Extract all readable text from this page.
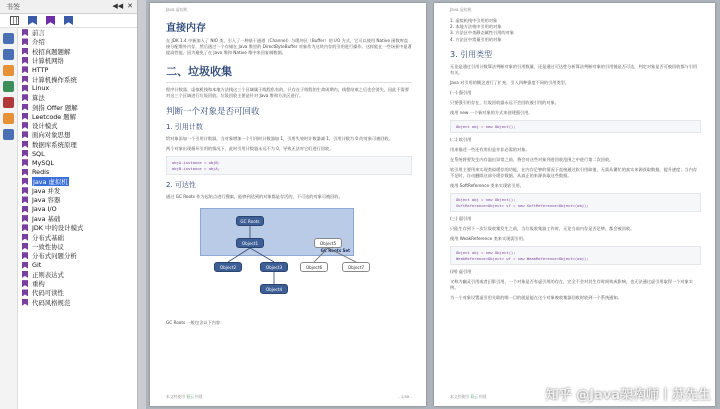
书签	◀◀ ✕
前言
介绍
校招真题题解
计算机网络
HTTP
计算机操作系统
Linux
算法
剑指 Offer 题解
Leetcode 题解
设计模式
面向对象思想
数据库系统原理
SQL
MySQL
Redis
Java 虚拟机
Java 并发
Java 容器
Java I/O
Java 基础
JDK 中的设计模式
分布式基础
一致性协议
分布式问题分析
Git
正则表达式
重构
代码可读性
代码风格规范
Java 虚拟机
直接内存
在 JDK 1.4 中新加入了 NIO 类，引入了一种基于通道（Channel）与缓冲区（Buffer）的 I/O 方式，它可以使用 Native 函数库直接分配堆外内存，然后通过一个存储在 Java 堆里的 DirectByteBuffer 对象作为这块内存的引用进行操作。这样能在一些场景中显著提高性能，因为避免了在 Java 堆和 Native 堆中来回复制数据。
二、垃圾收集
程序计数器、虚拟机栈和本地方法栈这三个区域属于线程私有的，只存在于线程的生命周期内，线程结束之后也会消失，因此不需要对这三个区域进行垃圾回收。垃圾回收主要是针对 Java 堆和方法区进行。
判断一个对象是否可回收
1. 引用计数
给对象添加一个引用计数器，当对象增加一个引用时计数器加 1，引用失效时计数器减 1。引用计数为 0 的对象可被回收。
两个对象出现循环引用的情况下，此时引用计数器永远不为 0，导致无法对它们进行回收。
objA.instance = objB;
objB.instance = objA;
2. 可达性
通过 GC Roots 作为起始点进行搜索，能够到达到的对象都是存活的，不可达的对象可被回收。
GC Roots Set
GC Roots
Object1
Object2	Object3
Object4
Object5
Object6	Object7
GC Roots 一般包含以下内容：
本文档使用 看云 构建	- 1/58 -
Java 虚拟机
1. 虚拟机栈中引用的对象
2. 本地方法栈中引用的对象
3. 方法区中类静态属性引用的对象
4. 方法区中常量引用的对象
3. 引用类型
无论是通过引用计数算法判断对象的引用数量，还是通过可达性分析算法判断对象的引用链是否可达，判定对象是否可被回收都与引用有关。
Java 对引用的概念进行了扩充，引入四种强度不同的引用类型。
(一) 强引用
只要强引用存在，垃圾回收器永远不会回收被引用的对象。
使用 new 一个新对象的方式来创建强引用。
Object obj = new Object();
(二) 软引用
用来描述一些还有用但是并非必需的对象。
在系统将要发生内存溢出异常之前，将会对这些对象列进回收范围之中进行第二次回收。
软引用主要用来实现类似缓存的功能，在内存足够的情况下直接通过软引用取值，无需从繁忙的真实来源获取数据，提升速度；当内存不足时，自动删除这部分缓存数据，从真正的来源获取这些数据。
使用 SoftReference 类来实现软引用。
Object obj = new Object();
SoftReference<Object> sf = new SoftReference<Object>(obj);
(三) 弱引用
只能生存到下一次垃圾收集发生之前，当垃圾收集器工作时，无论当前内存是否足够，都会被回收。
使用 WeakReference 类来实现弱引用。
Object obj = new Object();
WeakReference<Object> wf = new WeakReference<Object>(obj);
(四) 虚引用
又称为幽灵引用或者幻影引用，一个对象是否有虚引用的存在，完全不会对其生存时间构成影响，也无法通过虚引用取得一个对象实例。
为一个对象设置虚引用关联的唯一目的就是能在这个对象被收集器回收时收到一个系统通知。
本文档使用 看云 构建	知乎 @Java架构师丨苏先生
